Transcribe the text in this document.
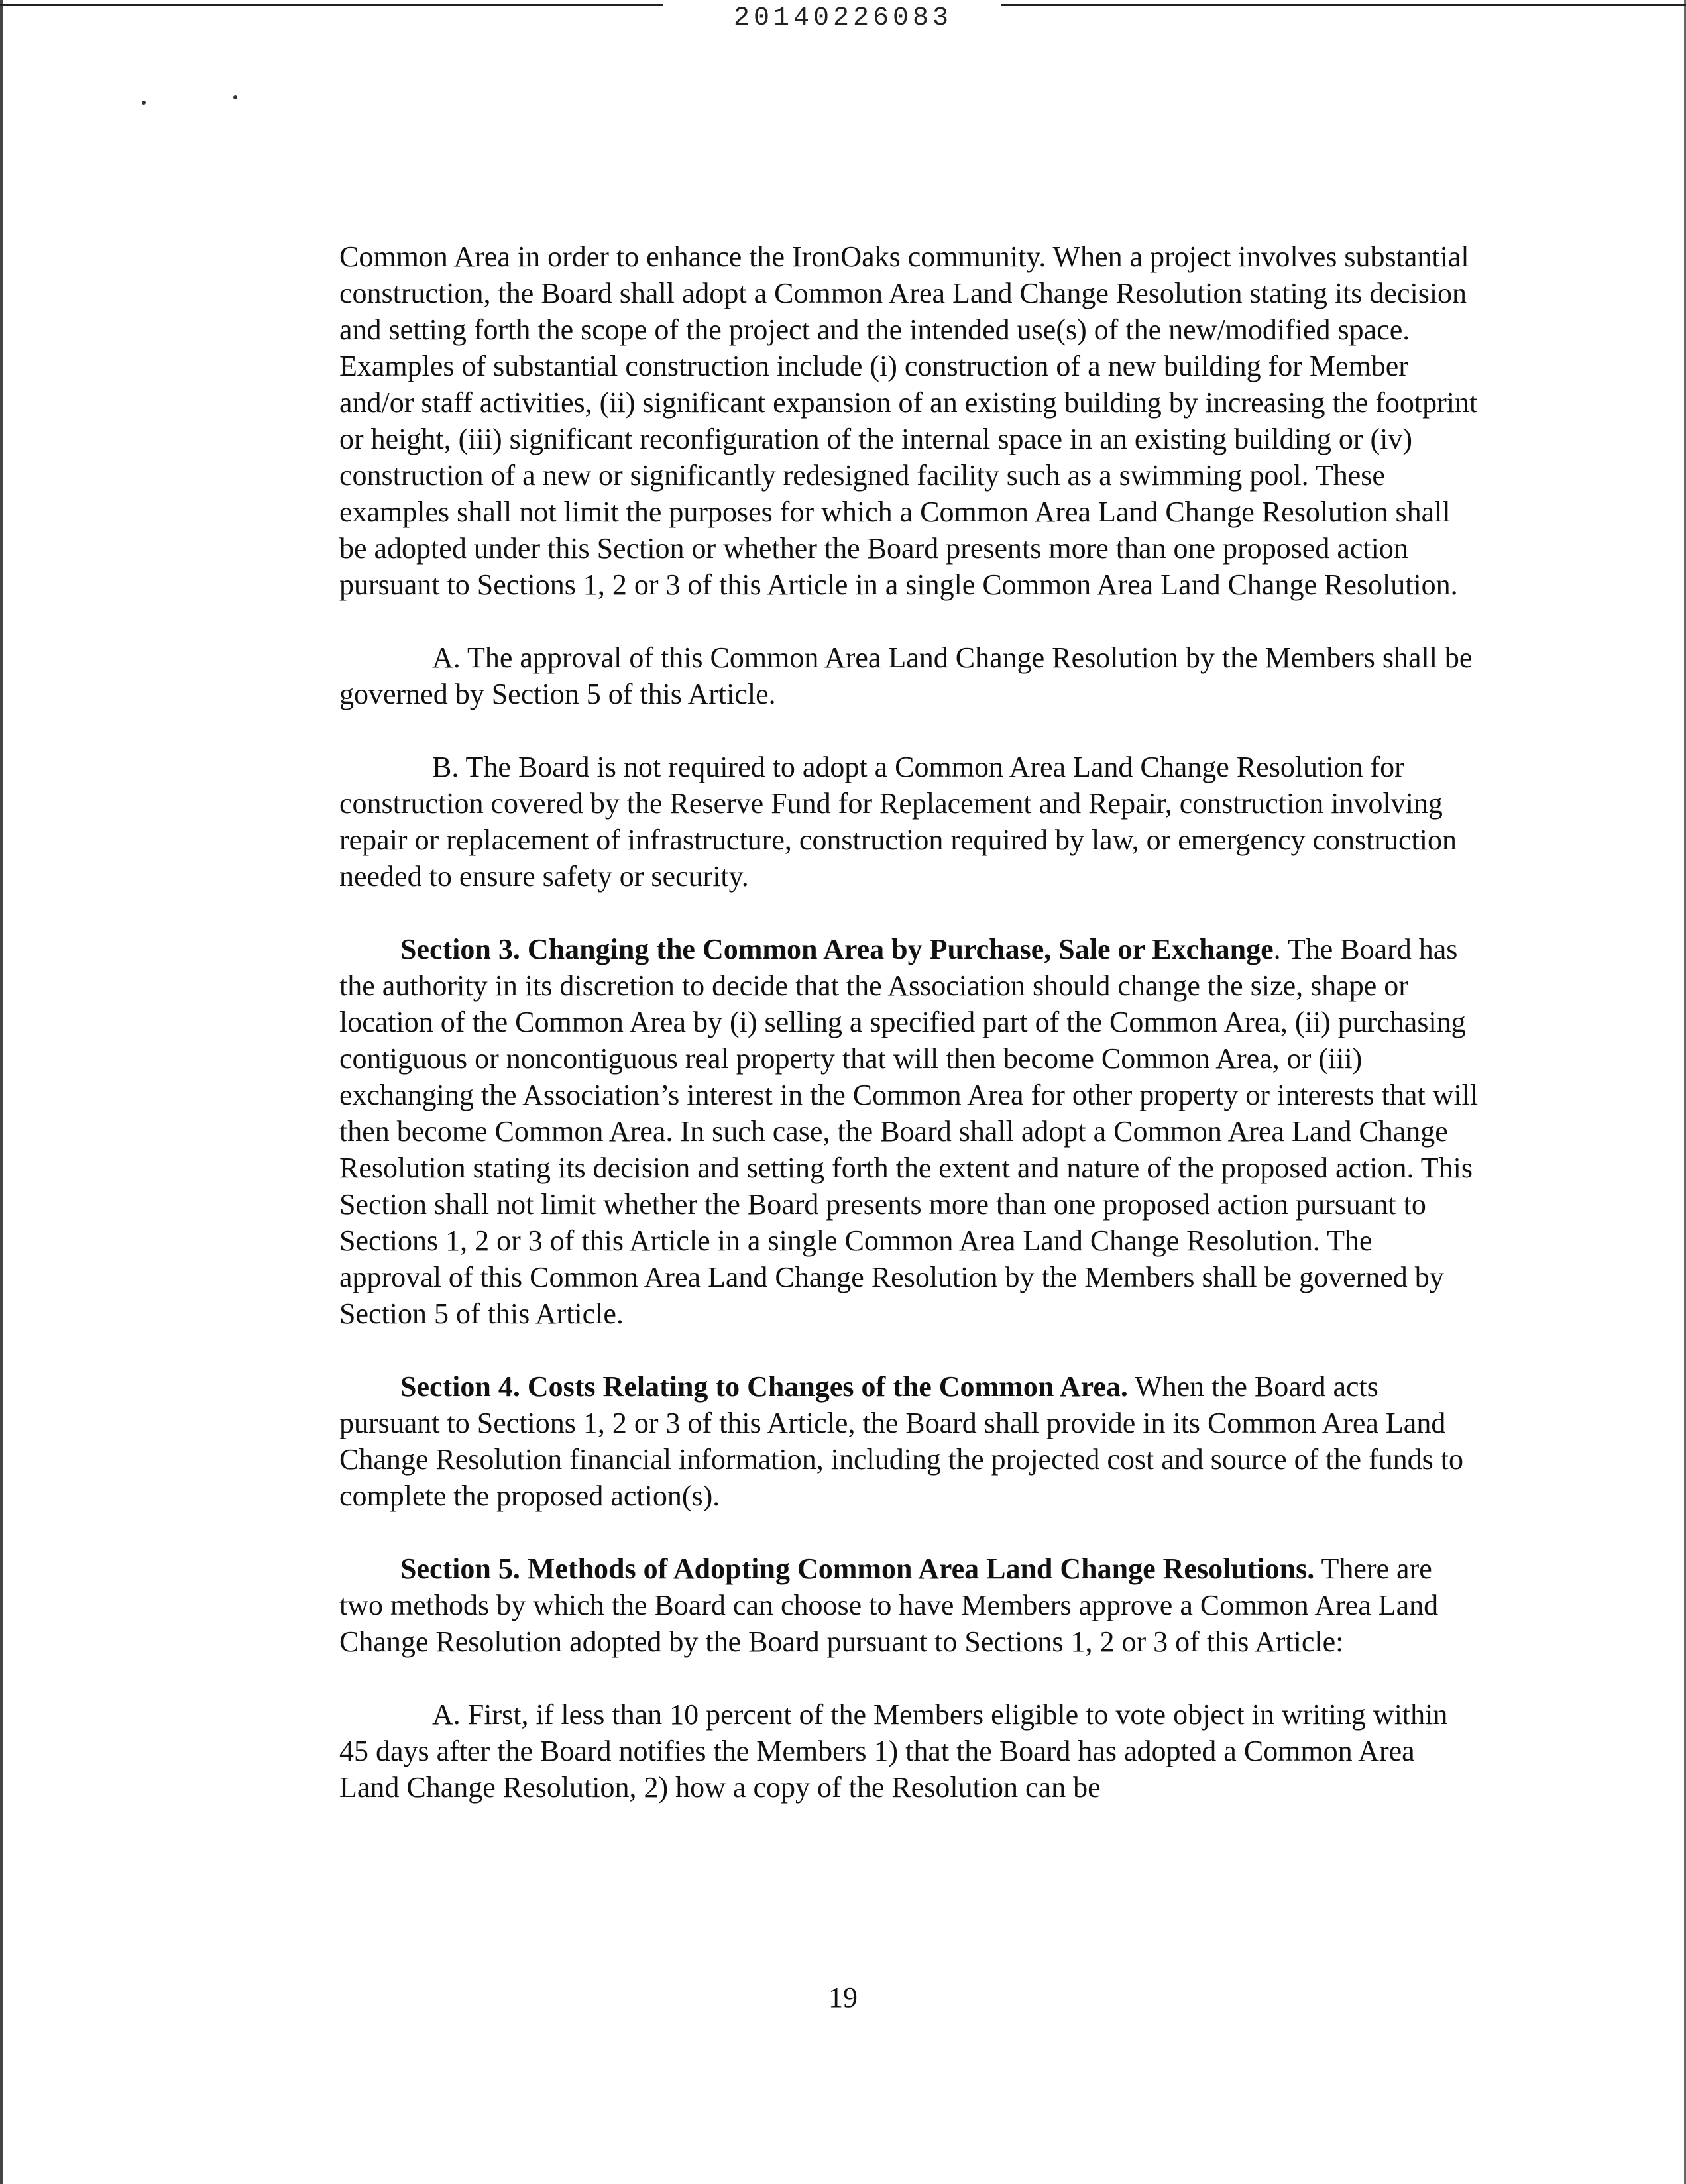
20140226083

Common Area in order to enhance the IronOaks community. When a project involves substantial construction, the Board shall adopt a Common Area Land Change Resolution stating its decision and setting forth the scope of the project and the intended use(s) of the new/modified space. Examples of substantial construction include (i) construction of a new building for Member and/or staff activities, (ii) significant expansion of an existing building by increasing the footprint or height, (iii) significant reconfiguration of the internal space in an existing building or (iv) construction of a new or significantly redesigned facility such as a swimming pool. These examples shall not limit the purposes for which a Common Area Land Change Resolution shall be adopted under this Section or whether the Board presents more than one proposed action pursuant to Sections 1, 2 or 3 of this Article in a single Common Area Land Change Resolution.

A. The approval of this Common Area Land Change Resolution by the Members shall be governed by Section 5 of this Article.

B. The Board is not required to adopt a Common Area Land Change Resolution for construction covered by the Reserve Fund for Replacement and Repair, construction involving repair or replacement of infrastructure, construction required by law, or emergency construction needed to ensure safety or security.

Section 3. Changing the Common Area by Purchase, Sale or Exchange. The Board has the authority in its discretion to decide that the Association should change the size, shape or location of the Common Area by (i) selling a specified part of the Common Area, (ii) purchasing contiguous or noncontiguous real property that will then become Common Area, or (iii) exchanging the Association’s interest in the Common Area for other property or interests that will then become Common Area. In such case, the Board shall adopt a Common Area Land Change Resolution stating its decision and setting forth the extent and nature of the proposed action. This Section shall not limit whether the Board presents more than one proposed action pursuant to Sections 1, 2 or 3 of this Article in a single Common Area Land Change Resolution. The approval of this Common Area Land Change Resolution by the Members shall be governed by Section 5 of this Article.

Section 4. Costs Relating to Changes of the Common Area. When the Board acts pursuant to Sections 1, 2 or 3 of this Article, the Board shall provide in its Common Area Land Change Resolution financial information, including the projected cost and source of the funds to complete the proposed action(s).

Section 5. Methods of Adopting Common Area Land Change Resolutions. There are two methods by which the Board can choose to have Members approve a Common Area Land Change Resolution adopted by the Board pursuant to Sections 1, 2 or 3 of this Article:

A. First, if less than 10 percent of the Members eligible to vote object in writing within 45 days after the Board notifies the Members 1) that the Board has adopted a Common Area Land Change Resolution, 2) how a copy of the Resolution can be

19
